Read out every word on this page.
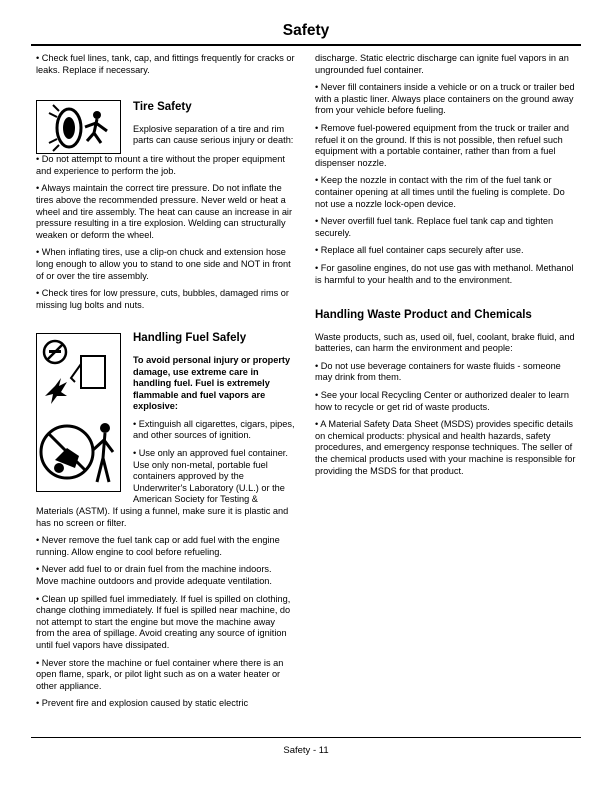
Safety

• Check fuel lines, tank, cap, and fittings frequently for cracks or leaks. Replace if necessary.

Tire Safety

Explosive separation of a tire and rim parts can cause serious injury or death:

• Do not attempt to mount a tire without the proper equipment and experience to perform the job.

• Always maintain the correct tire pressure. Do not inflate the tires above the recommended pressure. Never weld or heat a wheel and tire assembly. The heat can cause an increase in air pressure resulting in a tire explosion. Welding can structurally weaken or deform the wheel.

• When inflating tires, use a clip-on chuck and extension hose long enough to allow you to stand to one side and NOT in front of or over the tire assembly.

• Check tires for low pressure, cuts, bubbles, damaged rims or missing lug bolts and nuts.

Handling Fuel Safely

To avoid personal injury or property damage, use extreme care in handling fuel. Fuel is extremely flammable and fuel vapors are explosive:

• Extinguish all cigarettes, cigars, pipes, and other sources of ignition.

• Use only an approved fuel container. Use only non-metal, portable fuel containers approved by the Underwriter's Laboratory (U.L.) or the American Society for Testing & Materials (ASTM). If using a funnel, make sure it is plastic and has no screen or filter.

• Never remove the fuel tank cap or add fuel with the engine running. Allow engine to cool before refueling.

• Never add fuel to or drain fuel from the machine indoors. Move machine outdoors and provide adequate ventilation.

• Clean up spilled fuel immediately. If fuel is spilled on clothing, change clothing immediately. If fuel is spilled near machine, do not attempt to start the engine but move the machine away from the area of spillage. Avoid creating any source of ignition until fuel vapors have dissipated.

• Never store the machine or fuel container where there is an open flame, spark, or pilot light such as on a water heater or other appliance.

• Prevent fire and explosion caused by static electric

discharge. Static electric discharge can ignite fuel vapors in an ungrounded fuel container.

• Never fill containers inside a vehicle or on a truck or trailer bed with a plastic liner. Always place containers on the ground away from your vehicle before fueling.

• Remove fuel-powered equipment from the truck or trailer and refuel it on the ground. If this is not possible, then refuel such equipment with a portable container, rather than from a fuel dispenser nozzle.

• Keep the nozzle in contact with the rim of the fuel tank or container opening at all times until the fueling is complete. Do not use a nozzle lock-open device.

• Never overfill fuel tank. Replace fuel tank cap and tighten securely.

• Replace all fuel container caps securely after use.

• For gasoline engines, do not use gas with methanol. Methanol is harmful to your health and to the environment.

Handling Waste Product and Chemicals

Waste products, such as, used oil, fuel, coolant, brake fluid, and batteries, can harm the environment and people:

• Do not use beverage containers for waste fluids - someone may drink from them.

• See your local Recycling Center or authorized dealer to learn how to recycle or get rid of waste products.

• A Material Safety Data Sheet (MSDS) provides specific details on chemical products: physical and health hazards, safety procedures, and emergency response techniques. The seller of the chemical products used with your machine is responsible for providing the MSDS for that product.

Safety - 11
